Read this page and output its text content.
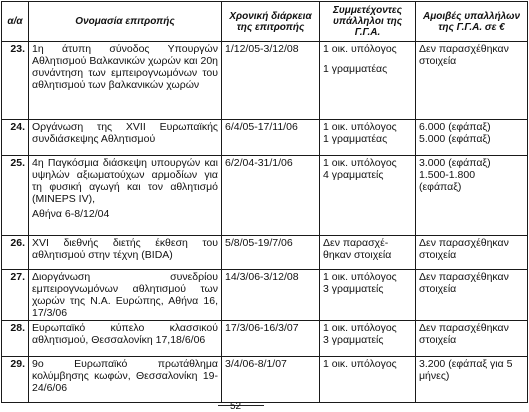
α/α	Ονομασία επιτροπής	Χρονική διάρκεια της επιτροπής	Συμμετέχοντες υπάλληλοι της Γ.Γ.Α.	Αμοιβές υπαλλήλων της Γ.Γ.Α. σε €
23.	1η άτυπη σύνοδος Υπουργών Αθλητισμού Βαλκανικών χωρών και 20η συνάντηση των εμπειρογνωμόνων του αθλητισμού των βαλκανικών χωρών	1/12/05-3/12/08	1 οικ. υπόλογος
1 γραμματέας	Δεν παρασχέθηκαν στοιχεία

24.	Οργάνωση της XVII Ευρωπαϊκής συνδιάσκεψης Αθλητισμού	6/4/05-17/11/06	1 οικ. υπόλογος
1 γραμματέας	6.000 (εφάπαξ)
5.000 (εφάπαξ)

25.	4η Παγκόσμια διάσκεψη υπουργών και υψηλών αξιωματούχων αρμοδίων για τη φυσική αγωγή και τον αθλητισμό (MINEPS IV),
Αθήνα 6-8/12/04	6/2/04-31/1/06	1 οικ. υπόλογος
4 γραμματείς	3.000 (εφάπαξ)
1.500-1.800
(εφάπαξ)

26.	XVI διεθνής διετής έκθεση του αθλητισμού στην τέχνη (BIDA)	5/8/05-19/7/06	Δεν παρασχέ-
θηκαν στοιχεία	Δεν παρασχέθηκαν στοιχεία

27.	Διοργάνωση συνεδρίου εμπειρογνωμόνων αθλητισμού των χωρών της Ν.Α. Ευρώπης, Αθήνα 16, 17/3/06	14/3/06-3/12/08	1 οικ. υπόλογος
3 γραμματείς	Δεν παρασχέθηκαν στοιχεία

28.	Ευρωπαϊκό κύπελο κλασσικού αθλητισμού, Θεσσαλονίκη 17,18/6/06	17/3/06-16/3/07	1 οικ. υπόλογος
3 γραμματείς	Δεν παρασχέθηκαν στοιχεία

29.	9ο Ευρωπαϊκό πρωτάθλημα κολύμβησης κωφών, Θεσσαλονίκη 19-24/6/06	3/4/06-8/1/07	1 οικ. υπόλογος	3.200 (εφάπαξ για 5 μήνες)
52
